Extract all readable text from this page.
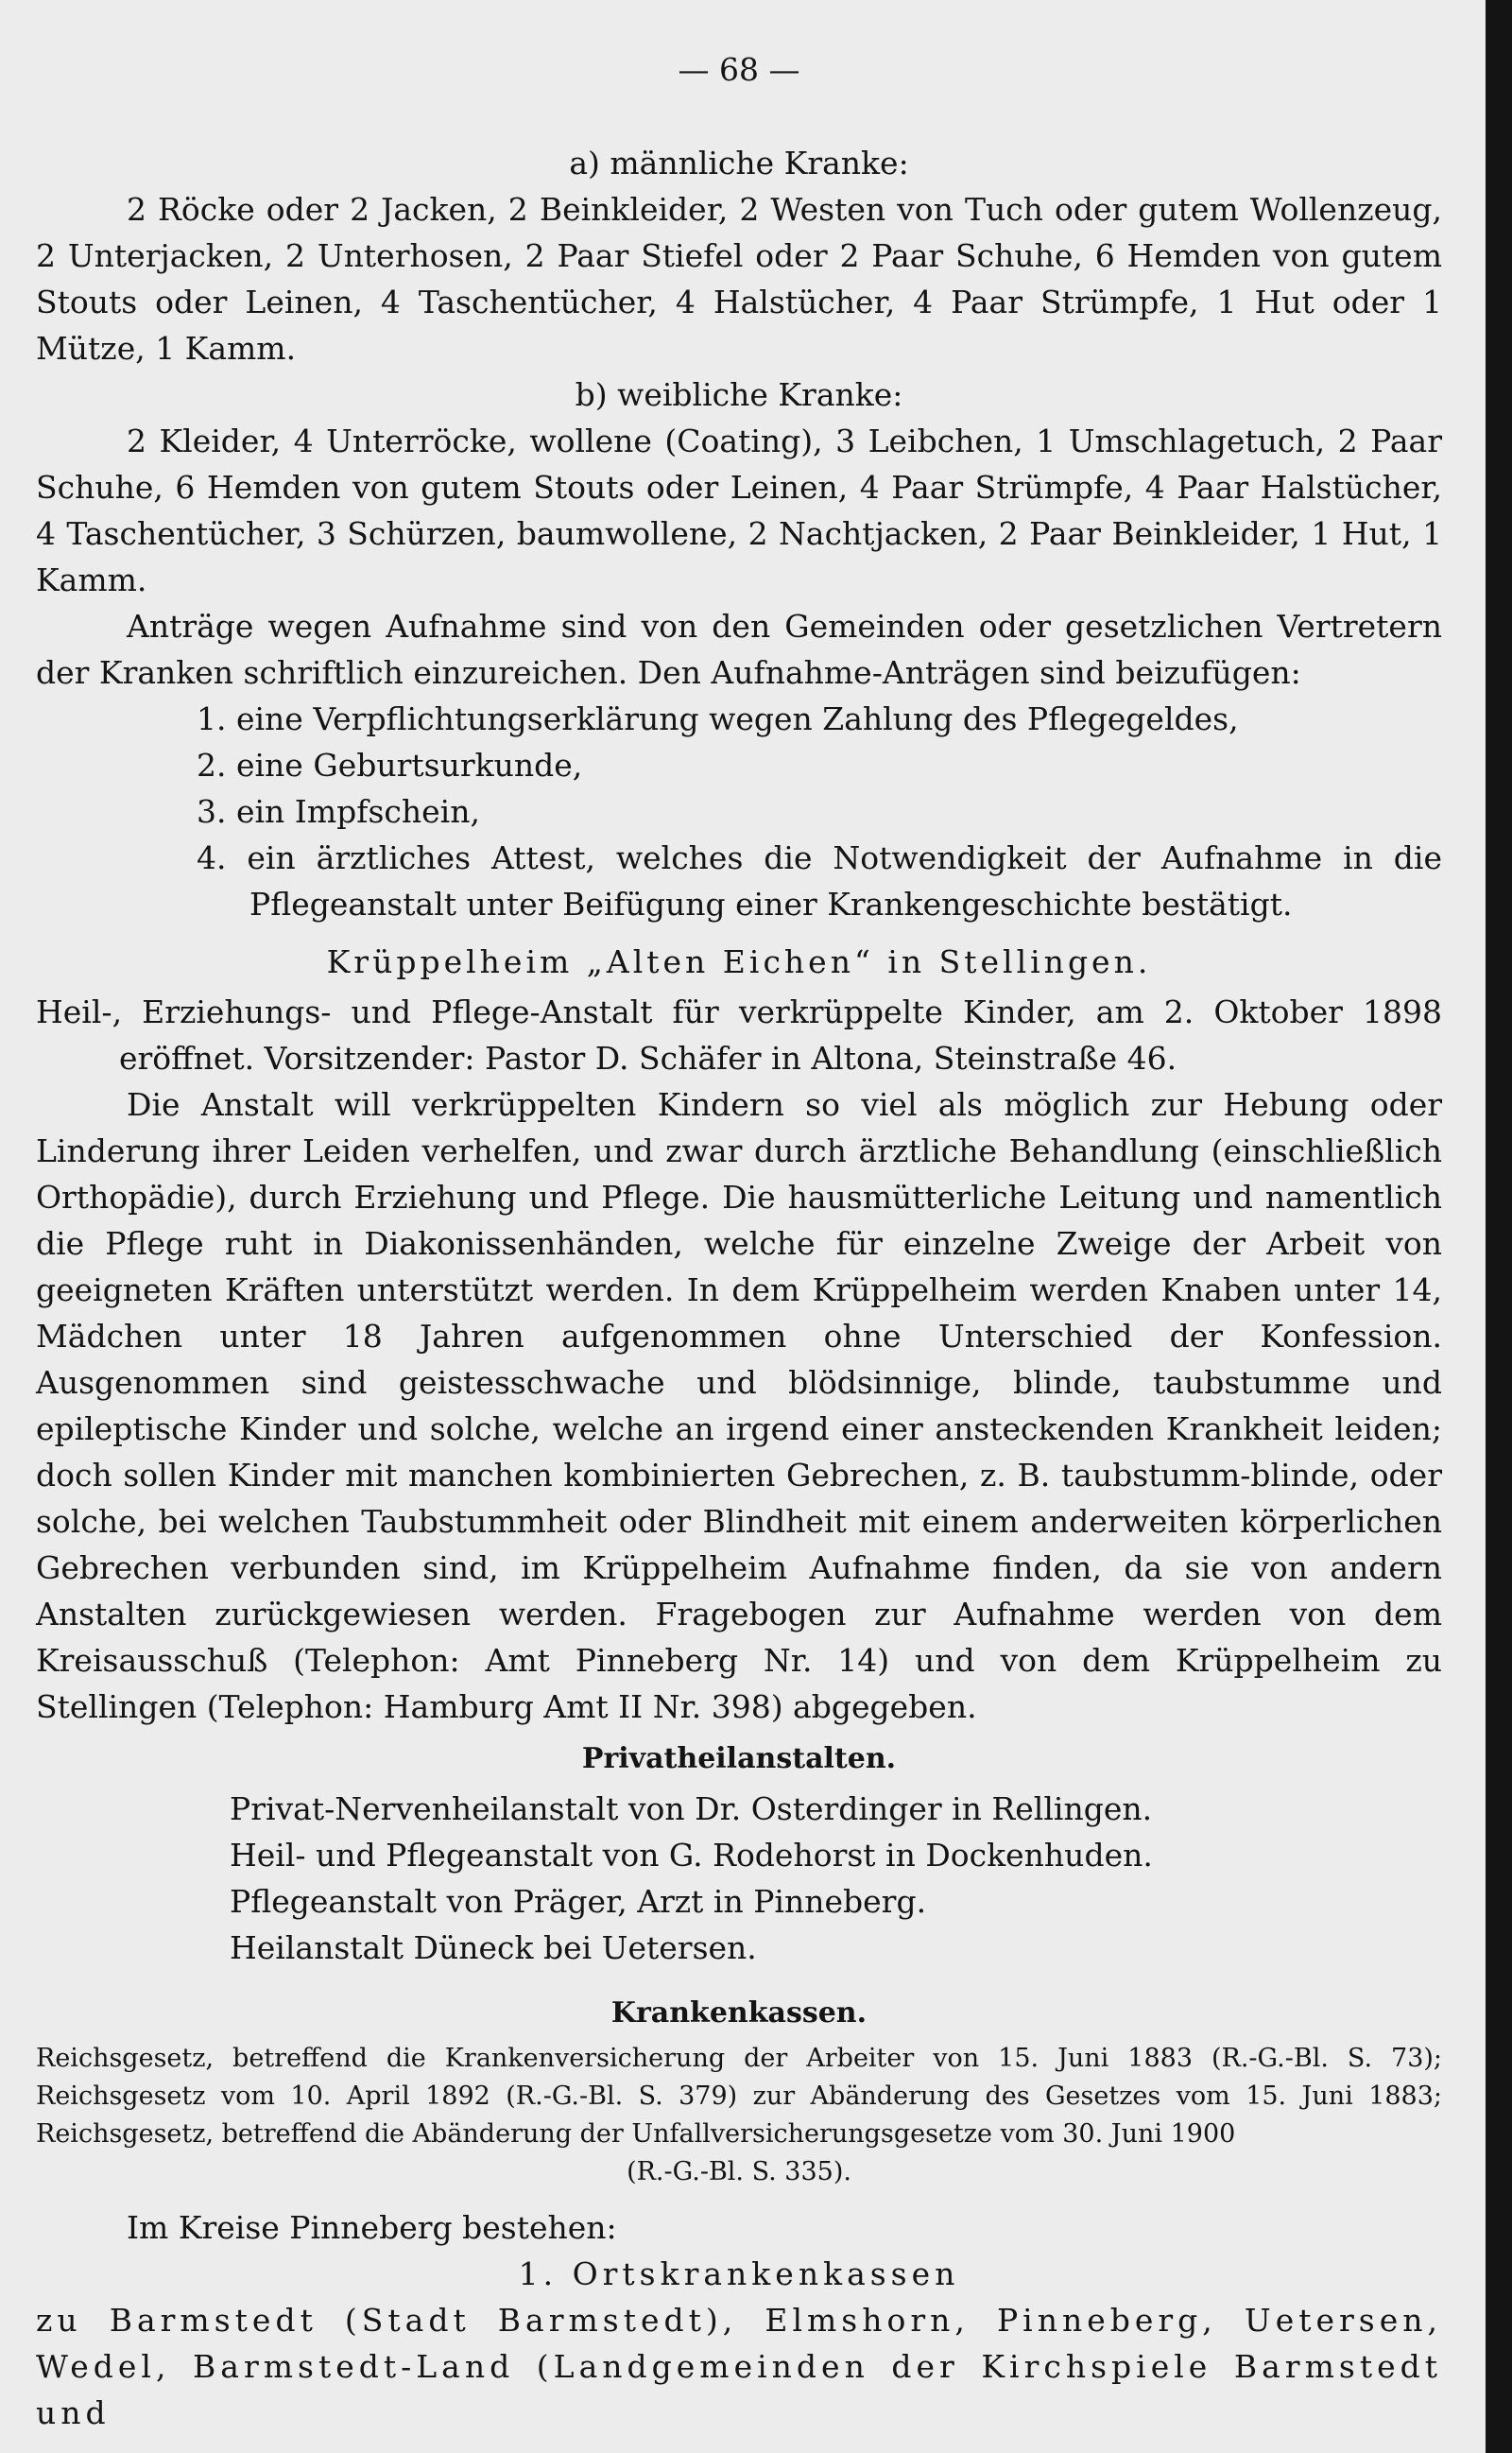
— 68 —
a) männliche Kranke:

2 Röcke oder 2 Jacken, 2 Beinkleider, 2 Westen von Tuch oder gutem Wollenzeug, 2 Unterjacken, 2 Unterhosen, 2 Paar Stiefel oder 2 Paar Schuhe, 6 Hemden von gutem Stouts oder Leinen, 4 Taschentücher, 4 Halstücher, 4 Paar Strümpfe, 1 Hut oder 1 Mütze, 1 Kamm.

b) weibliche Kranke:

2 Kleider, 4 Unterröcke, wollene (Coating), 3 Leibchen, 1 Umschlagetuch, 2 Paar Schuhe, 6 Hemden von gutem Stouts oder Leinen, 4 Paar Strümpfe, 4 Paar Halstücher, 4 Taschentücher, 3 Schürzen, baumwollene, 2 Nachtjacken, 2 Paar Beinkleider, 1 Hut, 1 Kamm.

Anträge wegen Aufnahme sind von den Gemeinden oder gesetzlichen Vertretern der Kranken schriftlich einzureichen. Den Aufnahme-Anträgen sind beizufügen:

1. eine Verpflichtungserklärung wegen Zahlung des Pflegegeldes,
2. eine Geburtsurkunde,
3. ein Impfschein,
4. ein ärztliches Attest, welches die Notwendigkeit der Aufnahme in die Pflegeanstalt unter Beifügung einer Krankengeschichte bestätigt.
Krüppelheim „Alten Eichen“ in Stellingen.

Heil-, Erziehungs- und Pflege-Anstalt für verkrüppelte Kinder, am 2. Oktober 1898 eröffnet. Vorsitzender: Pastor D. Schäfer in Altona, Steinstraße 46.

Die Anstalt will verkrüppelten Kindern so viel als möglich zur Hebung oder Linderung ihrer Leiden verhelfen, und zwar durch ärztliche Behandlung (einschließlich Orthopädie), durch Erziehung und Pflege. Die hausmütterliche Leitung und namentlich die Pflege ruht in Diakonissenhänden, welche für einzelne Zweige der Arbeit von geeigneten Kräften unterstützt werden. In dem Krüppelheim werden Knaben unter 14, Mädchen unter 18 Jahren aufgenommen ohne Unterschied der Konfession. Ausgenommen sind geistesschwache und blödsinnige, blinde, taubstumme und epileptische Kinder und solche, welche an irgend einer ansteckenden Krankheit leiden; doch sollen Kinder mit manchen kombinierten Gebrechen, z. B. taubstumm-blinde, oder solche, bei welchen Taubstummheit oder Blindheit mit einem anderweiten körperlichen Gebrechen verbunden sind, im Krüppelheim Aufnahme finden, da sie von andern Anstalten zurückgewiesen werden. Fragebogen zur Aufnahme werden von dem Kreisausschuß (Telephon: Amt Pinneberg Nr. 14) und von dem Krüppelheim zu Stellingen (Telephon: Hamburg Amt II Nr. 398) abgegeben.

Privatheilanstalten.
Privat-Nervenheilanstalt von Dr. Osterdinger in Rellingen.
Heil- und Pflegeanstalt von G. Rodehorst in Dockenhuden.
Pflegeanstalt von Präger, Arzt in Pinneberg.
Heilanstalt Düneck bei Uetersen.
Krankenkassen.

Reichsgesetz, betreffend die Krankenversicherung der Arbeiter von 15. Juni 1883 (R.-G.-Bl. S. 73); Reichsgesetz vom 10. April 1892 (R.-G.-Bl. S. 379) zur Abänderung des Gesetzes vom 15. Juni 1883; Reichsgesetz, betreffend die Abänderung der Unfallversicherungsgesetze vom 30. Juni 1900

(R.-G.-Bl. S. 335).

Im Kreise Pinneberg bestehen:

1. Ortskrankenkassen

zu Barmstedt (Stadt Barmstedt), Elmshorn, Pinneberg, Uetersen, Wedel, Barmstedt-Land (Landgemeinden der Kirchspiele Barmstedt und
